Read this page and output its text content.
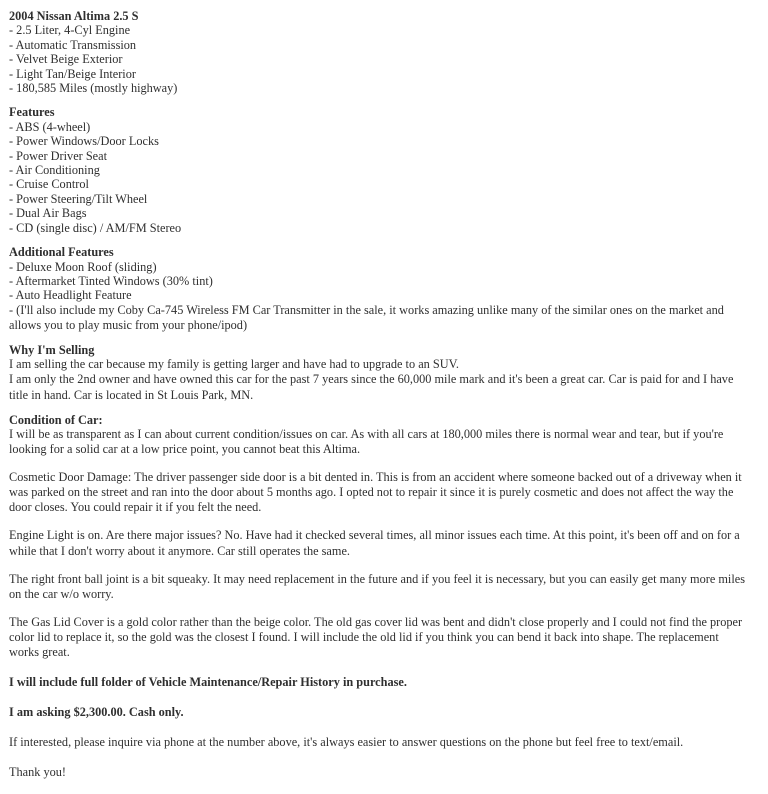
2004 Nissan Altima 2.5 S
- 2.5 Liter, 4-Cyl Engine
- Automatic Transmission
- Velvet Beige Exterior
- Light Tan/Beige Interior
- 180,585 Miles (mostly highway)
Features
- ABS (4-wheel)
- Power Windows/Door Locks
- Power Driver Seat
- Air Conditioning
- Cruise Control
- Power Steering/Tilt Wheel
- Dual Air Bags
- CD (single disc) / AM/FM Stereo
Additional Features
- Deluxe Moon Roof (sliding)
- Aftermarket Tinted Windows (30% tint)
- Auto Headlight Feature
- (I'll also include my Coby Ca-745 Wireless FM Car Transmitter in the sale, it works amazing unlike many of the similar ones on the market and allows you to play music from your phone/ipod)
Why I'm Selling
I am selling the car because my family is getting larger and have had to upgrade to an SUV.
I am only the 2nd owner and have owned this car for the past 7 years since the 60,000 mile mark and it's been a great car. Car is paid for and I have title in hand. Car is located in St Louis Park, MN.
Condition of Car:
I will be as transparent as I can about current condition/issues on car. As with all cars at 180,000 miles there is normal wear and tear, but if you're looking for a solid car at a low price point, you cannot beat this Altima.
Cosmetic Door Damage: The driver passenger side door is a bit dented in. This is from an accident where someone backed out of a driveway when it was parked on the street and ran into the door about 5 months ago. I opted not to repair it since it is purely cosmetic and does not affect the way the door closes. You could repair it if you felt the need.
Engine Light is on. Are there major issues? No. Have had it checked several times, all minor issues each time. At this point, it's been off and on for a while that I don't worry about it anymore. Car still operates the same.
The right front ball joint is a bit squeaky. It may need replacement in the future and if you feel it is necessary, but you can easily get many more miles on the car w/o worry.
The Gas Lid Cover is a gold color rather than the beige color. The old gas cover lid was bent and didn't close properly and I could not find the proper color lid to replace it, so the gold was the closest I found. I will include the old lid if you think you can bend it back into shape. The replacement works great.
I will include full folder of Vehicle Maintenance/Repair History in purchase.
I am asking $2,300.00. Cash only.
If interested, please inquire via phone at the number above, it's always easier to answer questions on the phone but feel free to text/email.
Thank you!
